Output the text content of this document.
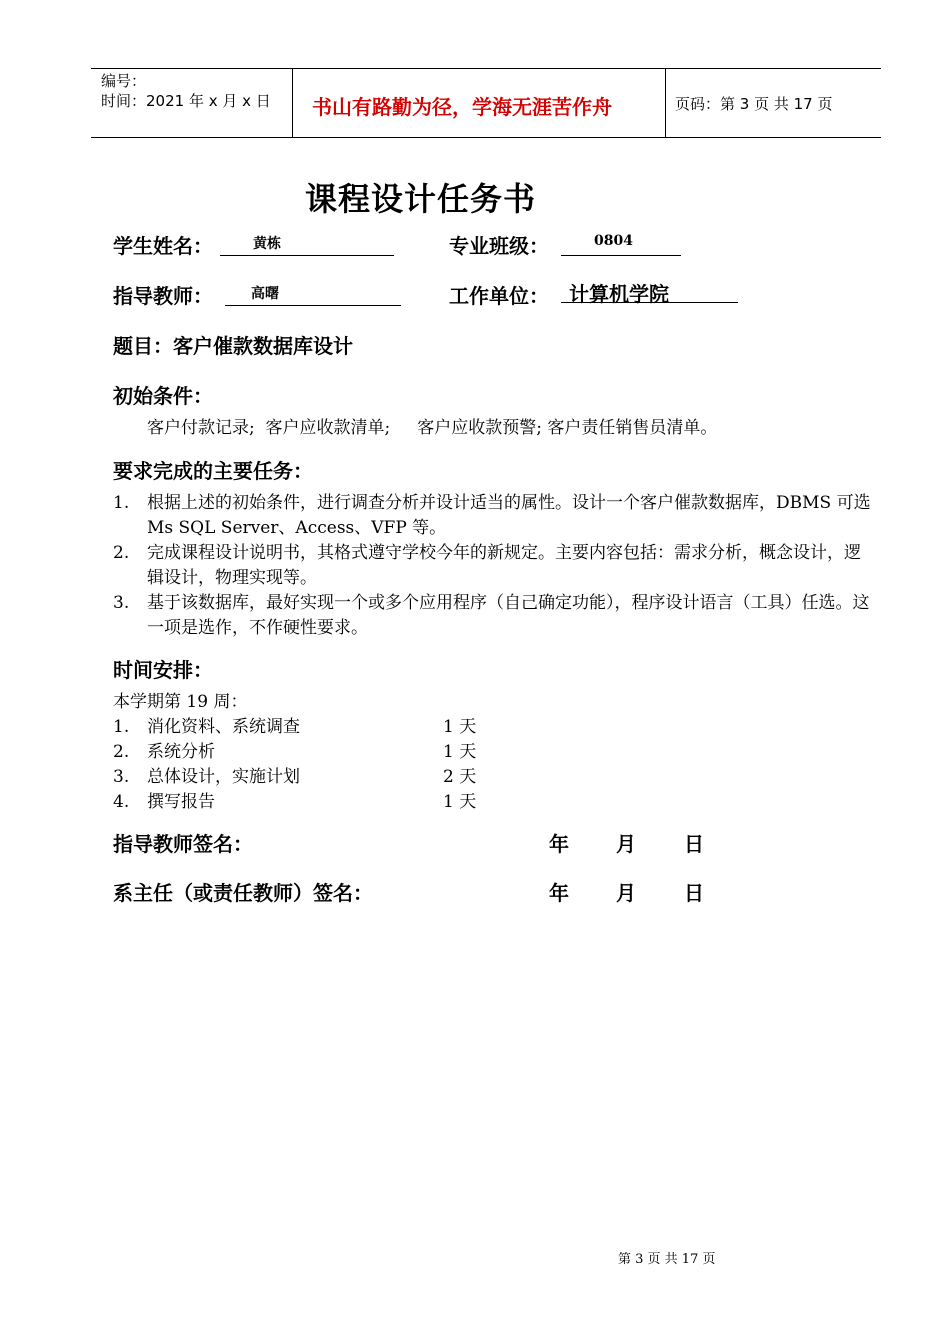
编号：
时间：2021 年 x 月 x 日 书山有路勤为径，学海无涯苦作舟	页码：第 3 页 共 17 页
课程设计任务书
学生姓名：	黄栋	专业班级：	0804
指导教师：	高曙	工作单位：	计算机学院
题目：客户催款数据库设计
初始条件：
客户付款记录;  客户应收款清单;     客户应收款预警; 客户责任销售员清单。
要求完成的主要任务：
1. 根据上述的初始条件，进行调查分析并设计适当的属性。设计一个客户催款数据库，DBMS 可选 Ms SQL Server、Access、VFP 等。
2. 完成课程设计说明书，其格式遵守学校今年的新规定。主要内容包括：需求分析，概念设计，逻辑设计，物理实现等。
3. 基于该数据库，最好实现一个或多个应用程序（自己确定功能），程序设计语言（工具）任选。这一项是选作，不作硬性要求。
时间安排：
本学期第 19 周：
1. 消化资料、系统调查	1 天
2. 系统分析	1 天
3. 总体设计，实施计划	2 天
4. 撰写报告	1 天
指导教师签名：	年 月 日
系主任（或责任教师）签名：	年 月 日
第 3 页 共 17 页
